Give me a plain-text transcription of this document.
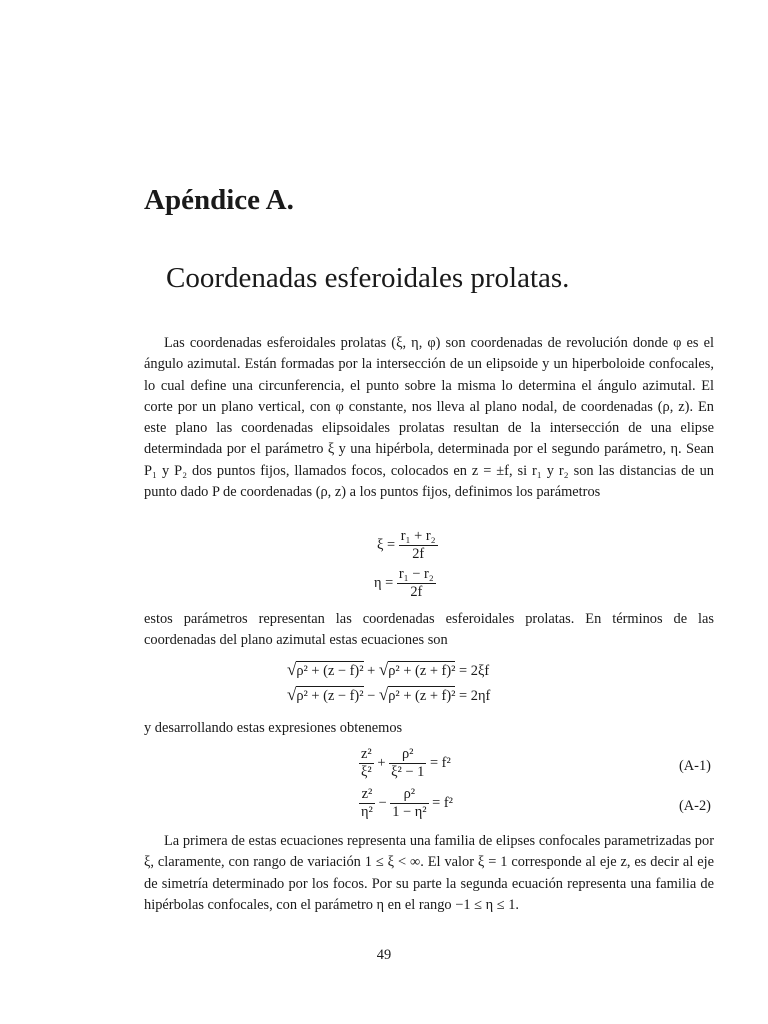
Apéndice A.
Coordenadas esferoidales prolatas.

Las coordenadas esferoidales prolatas (ξ, η, φ) son coordenadas de revolución donde φ es el ángulo azimutal. Están formadas por la intersección de un elipsoide y un hiperboloide confocales, lo cual define una circunferencia, el punto sobre la misma lo determina el ángulo azimutal. El corte por un plano vertical, con φ constante, nos lleva al plano nodal, de coordenadas (ρ, z). En este plano las coordenadas elipsoidales prolatas resultan de la intersección de una elipse determindada por el parámetro ξ y una hipérbola, determinada por el segundo parámetro, η. Sean P₁ y P₂ dos puntos fijos, llamados focos, colocados en z = ±f, si r₁ y r₂ son las distancias de un punto dado P de coordenadas (ρ, z) a los puntos fijos, definimos los parámetros

$\xi = \frac{\text{r₁ + r₂}}{2f}$
$\eta = \frac{\text{r₁ − r₂}}{2f}$

estos parámetros representan las coordenadas esferoidales prolatas. En términos de las coordenadas del plano azimutal estas ecuaciones son

√ρ² + (z − f)² + √ρ² + (z + f)² = 2ξf
√ρ² + (z − f)² − √ρ² + (z + f)² = 2ηf

y desarrollando estas expresiones obtenemos

$\frac{\text{z²}}{\text{ξ²}} + \frac{\text{ρ²}}{\text{ξ² − 1}} = f^2$	(A-1)
$\frac{\text{z²}}{\text{η²}} - \frac{\text{ρ²}}{\text{1 − η²}} = f^2$	(A-2)

La primera de estas ecuaciones representa una familia de elipses confocales parametrizadas por ξ, claramente, con rango de variación 1 ≤ ξ < ∞. El valor ξ = 1 corresponde al eje z, es decir al eje de simetría determinado por los focos. Por su parte la segunda ecuación representa una familia de hipérbolas confocales, con el parámetro η en el rango −1 ≤ η ≤ 1.

49
